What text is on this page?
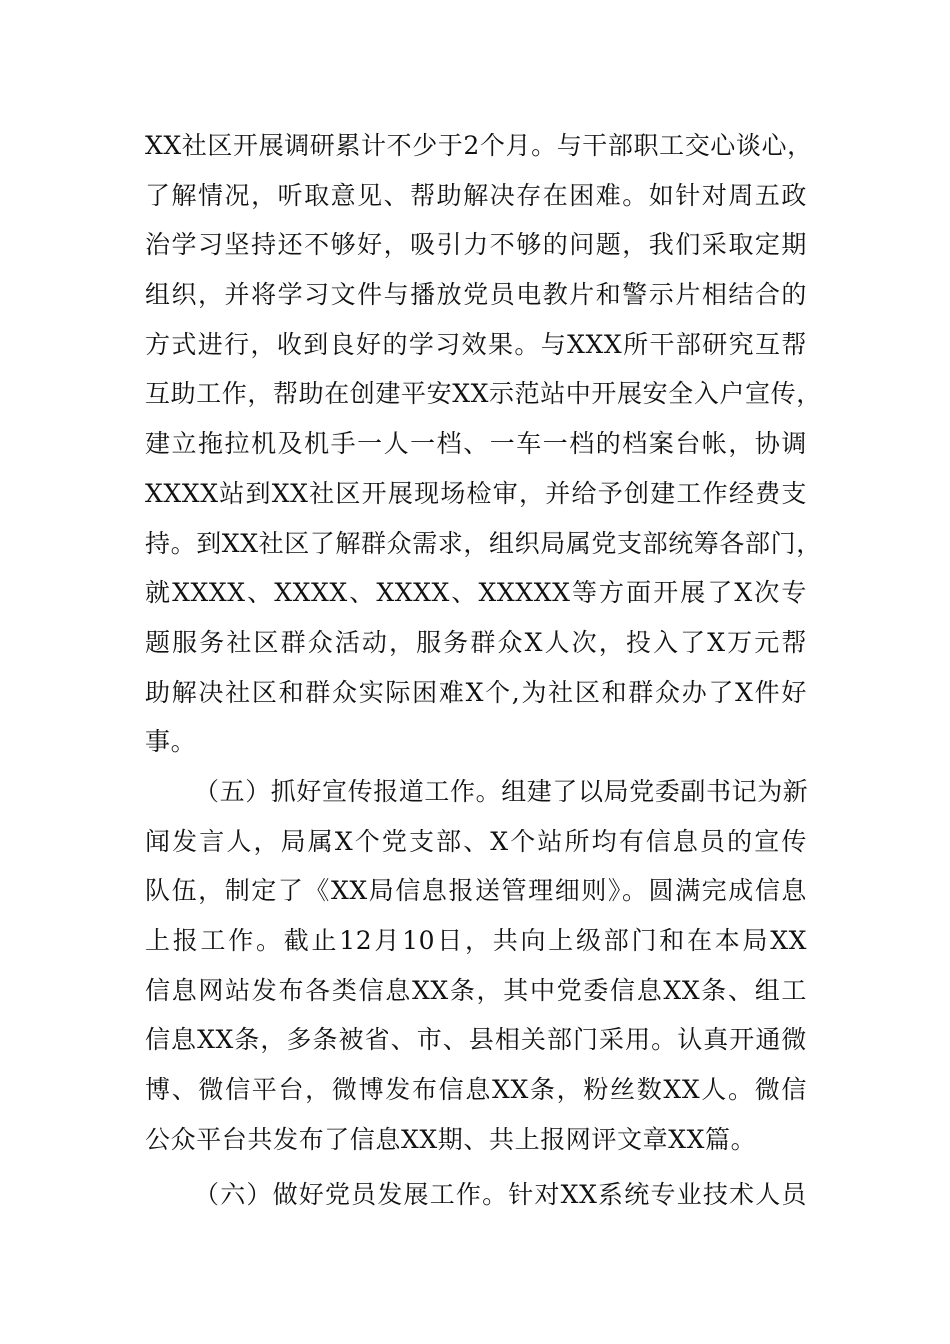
XX社区开展调研累计不少于2个月。与干部职工交心谈心，
了解情况，听取意见、帮助解决存在困难。如针对周五政
治学习坚持还不够好，吸引力不够的问题，我们采取定期
组织，并将学习文件与播放党员电教片和警示片相结合的
方式进行，收到良好的学习效果。与XXX所干部研究互帮
互助工作，帮助在创建平安XX示范站中开展安全入户宣传，
建立拖拉机及机手一人一档、一车一档的档案台帐，协调
XXXX站到XX社区开展现场检审，并给予创建工作经费支
持。到XX社区了解群众需求，组织局属党支部统筹各部门，
就XXXX、XXXX、XXXX、XXXXX等方面开展了X次专
题服务社区群众活动，服务群众X人次，投入了X万元帮
助解决社区和群众实际困难X个,为社区和群众办了X件好
事。
（五）抓好宣传报道工作。组建了以局党委副书记为新
闻发言人，局属X个党支部、X个站所均有信息员的宣传
队伍，制定了《XX局信息报送管理细则》。圆满完成信息
上报工作。截止12月10日，共向上级部门和在本局XX
信息网站发布各类信息XX条，其中党委信息XX条、组工
信息XX条，多条被省、市、县相关部门采用。认真开通微
博、微信平台，微博发布信息XX条，粉丝数XX人。微信
公众平台共发布了信息XX期、共上报网评文章XX篇。
（六）做好党员发展工作。针对XX系统专业技术人员
